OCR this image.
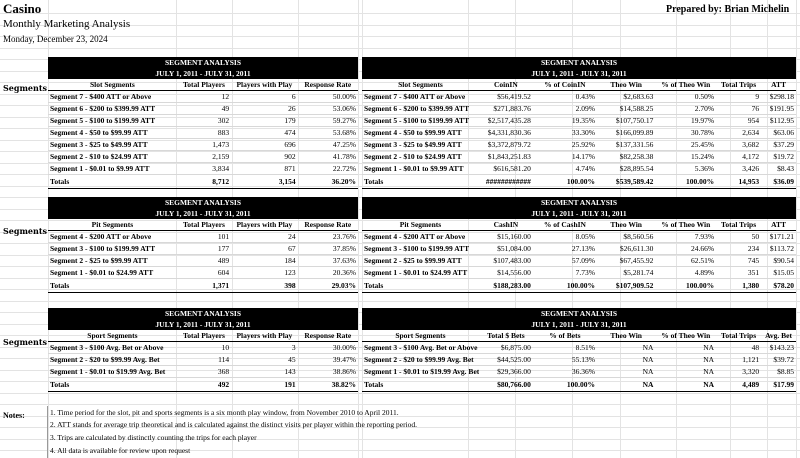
Casino
Monthly Marketing Analysis
Monday, December 23, 2024
Prepared by: Brian Michelin
Segments
Segments
Segments
SEGMENT ANALYSIS			
JULY 1, 2011 - JULY 31, 2011			
Slot Segments	Total Players	Players with Play	Response Rate
Segment 7 - $400 ATT or Above	12	6	50.00%
Segment 6 - $200 to $399.99 ATT	49	26	53.06%
Segment 5 - $100 to $199.99 ATT	302	179	59.27%
Segment 4 - $50 to $99.99 ATT	883	474	53.68%
Segment 3 - $25 to $49.99 ATT	1,473	696	47.25%
Segment 2 - $10 to $24.99 ATT	2,159	902	41.78%
Segment 1 - $0.01 to $9.99 ATT	3,834	871	22.72%
Totals	8,712	3,154	36.20%
SEGMENT ANALYSIS						
JULY 1, 2011 - JULY 31, 2011						
Slot Segments	CoinIN	% of CoinIN	Theo Win	% of Theo Win	Total Trips	ATT
Segment 7 - $400 ATT or Above	$56,419.52	0.43%	$2,683.63	0.50%	9	$298.18
Segment 6 - $200 to $399.99 ATT	$271,883.76	2.09%	$14,588.25	2.70%	76	$191.95
Segment 5 - $100 to $199.99 ATT	$2,517,435.28	19.35%	$107,750.17	19.97%	954	$112.95
Segment 4 - $50 to $99.99 ATT	$4,331,830.36	33.30%	$166,099.89	30.78%	2,634	$63.06
Segment 3 - $25 to $49.99 ATT	$3,372,879.72	25.92%	$137,331.56	25.45%	3,682	$37.29
Segment 2 - $10 to $24.99 ATT	$1,843,251.83	14.17%	$82,258.38	15.24%	4,172	$19.72
Segment 1 - $0.01 to $9.99 ATT	$616,581.20	4.74%	$28,895.54	5.36%	3,426	$8.43
Totals	############	100.00%	$539,589.42	100.00%	14,953	$36.09
SEGMENT ANALYSIS			
JULY 1, 2011 - JULY 31, 2011			
Pit Segments	Total Players	Players with Play	Response Rate
Segment 4 - $200 ATT or Above	101	24	23.76%
Segment 3 - $100 to $199.99 ATT	177	67	37.85%
Segment 2 - $25 to $99.99 ATT	489	184	37.63%
Segment 1 - $0.01 to $24.99 ATT	604	123	20.36%
Totals	1,371	398	29.03%
SEGMENT ANALYSIS						
JULY 1, 2011 - JULY 31, 2011						
Pit Segments	CashIN	% of CashIN	Theo Win	% of Theo Win	Total Trips	ATT
Segment 4 - $200 ATT or Above	$15,160.00	8.05%	$8,560.56	7.93%	50	$171.21
Segment 3 - $100 to $199.99 ATT	$51,084.00	27.13%	$26,611.30	24.66%	234	$113.72
Segment 2 - $25 to $99.99 ATT	$107,483.00	57.09%	$67,455.92	62.51%	745	$90.54
Segment 1 - $0.01 to $24.99 ATT	$14,556.00	7.73%	$5,281.74	4.89%	351	$15.05
Totals	$188,283.00	100.00%	$107,909.52	100.00%	1,380	$78.20
SEGMENT ANALYSIS			
JULY 1, 2011 - JULY 31, 2011			
Sport Segments	Total Players	Players with Play	Response Rate
Segment 3 - $100 Avg. Bet or Above	10	3	30.00%
Segment 2 - $20 to $99.99 Avg. Bet	114	45	39.47%
Segment 1 - $0.01 to $19.99 Avg. Bet	368	143	38.86%
Totals	492	191	38.82%
SEGMENT ANALYSIS						
JULY 1, 2011 - JULY 31, 2011						
Sport Segments	Total $ Bets	% of Bets	Theo Win	% of Theo Win	Total Trips	Avg. Bet
Segment 3 - $100 Avg. Bet or Above	$6,875.00	8.51%	NA	NA	48	$143.23
Segment 2 - $20 to $99.99 Avg. Bet	$44,525.00	55.13%	NA	NA	1,121	$39.72
Segment 1 - $0.01 to $19.99 Avg. Bet	$29,366.00	36.36%	NA	NA	3,320	$8.85
Totals	$80,766.00	100.00%	NA	NA	4,489	$17.99
Notes:	1. Time period for the slot, pit and sports segments is a six month play window, from November 2010 to April 2011.
2. ATT stands for average trip theoretical and is calculated against the distinct visits per player within the reporting period.
3. Trips are calculated by distinctly counting the trips for each player
4. All data is available for review upon request
